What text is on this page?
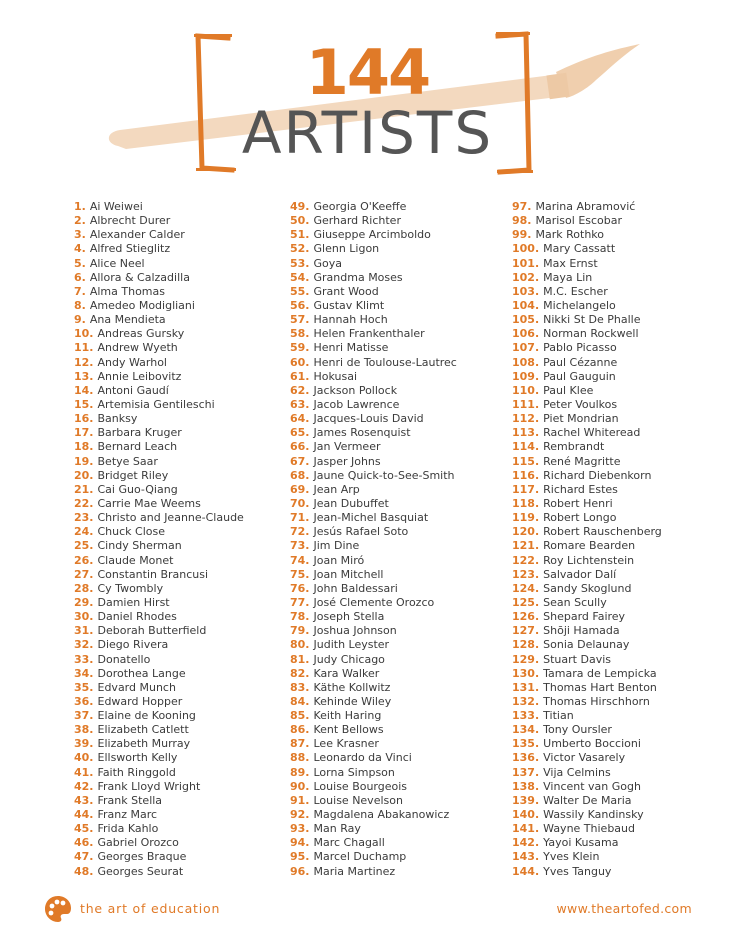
144
ARTISTS
1. Ai Weiwei
2. Albrecht Durer
3. Alexander Calder
4. Alfred Stieglitz
5. Alice Neel
6. Allora & Calzadilla
7. Alma Thomas
8. Amedeo Modigliani
9. Ana Mendieta
10. Andreas Gursky
11. Andrew Wyeth
12. Andy Warhol
13. Annie Leibovitz
14. Antoni Gaudí
15. Artemisia Gentileschi
16. Banksy
17. Barbara Kruger
18. Bernard Leach
19. Betye Saar
20. Bridget Riley
21. Cai Guo-Qiang
22. Carrie Mae Weems
23. Christo and Jeanne-Claude
24. Chuck Close
25. Cindy Sherman
26. Claude Monet
27. Constantin Brancusi
28. Cy Twombly
29. Damien Hirst
30. Daniel Rhodes
31. Deborah Butterfield
32. Diego Rivera
33. Donatello
34. Dorothea Lange
35. Edvard Munch
36. Edward Hopper
37. Elaine de Kooning
38. Elizabeth Catlett
39. Elizabeth Murray
40. Ellsworth Kelly
41. Faith Ringgold
42. Frank Lloyd Wright
43. Frank Stella
44. Franz Marc
45. Frida Kahlo
46. Gabriel Orozco
47. Georges Braque
48. Georges Seurat
49. Georgia O'Keeffe
50. Gerhard Richter
51. Giuseppe Arcimboldo
52. Glenn Ligon
53. Goya
54. Grandma Moses
55. Grant Wood
56. Gustav Klimt
57. Hannah Hoch
58. Helen Frankenthaler
59. Henri Matisse
60. Henri de Toulouse-Lautrec
61. Hokusai
62. Jackson Pollock
63. Jacob Lawrence
64. Jacques-Louis David
65. James Rosenquist
66. Jan Vermeer
67. Jasper Johns
68. Jaune Quick-to-See-Smith
69. Jean Arp
70. Jean Dubuffet
71. Jean-Michel Basquiat
72. Jesús Rafael Soto
73. Jim Dine
74. Joan Miró
75. Joan Mitchell
76. John Baldessari
77. José Clemente Orozco
78. Joseph Stella
79. Joshua Johnson
80. Judith Leyster
81. Judy Chicago
82. Kara Walker
83. Käthe Kollwitz
84. Kehinde Wiley
85. Keith Haring
86. Kent Bellows
87. Lee Krasner
88. Leonardo da Vinci
89. Lorna Simpson
90. Louise Bourgeois
91. Louise Nevelson
92. Magdalena Abakanowicz
93. Man Ray
94. Marc Chagall
95. Marcel Duchamp
96. Maria Martinez
97. Marina Abramović
98. Marisol Escobar
99. Mark Rothko
100. Mary Cassatt
101. Max Ernst
102. Maya Lin
103. M.C. Escher
104. Michelangelo
105. Nikki St De Phalle
106. Norman Rockwell
107. Pablo Picasso
108. Paul Cézanne
109. Paul Gauguin
110. Paul Klee
111. Peter Voulkos
112. Piet Mondrian
113. Rachel Whiteread
114. Rembrandt
115. René Magritte
116. Richard Diebenkorn
117. Richard Estes
118. Robert Henri
119. Robert Longo
120. Robert Rauschenberg
121. Romare Bearden
122. Roy Lichtenstein
123. Salvador Dalí
124. Sandy Skoglund
125. Sean Scully
126. Shepard Fairey
127. Shōji Hamada
128. Sonia Delaunay
129. Stuart Davis
130. Tamara de Lempicka
131. Thomas Hart Benton
132. Thomas Hirschhorn
133. Titian
134. Tony Oursler
135. Umberto Boccioni
136. Victor Vasarely
137. Vija Celmins
138. Vincent van Gogh
139. Walter De Maria
140. Wassily Kandinsky
141. Wayne Thiebaud
142. Yayoi Kusama
143. Yves Klein
144. Yves Tanguy
the art of education	www.theartofed.com
